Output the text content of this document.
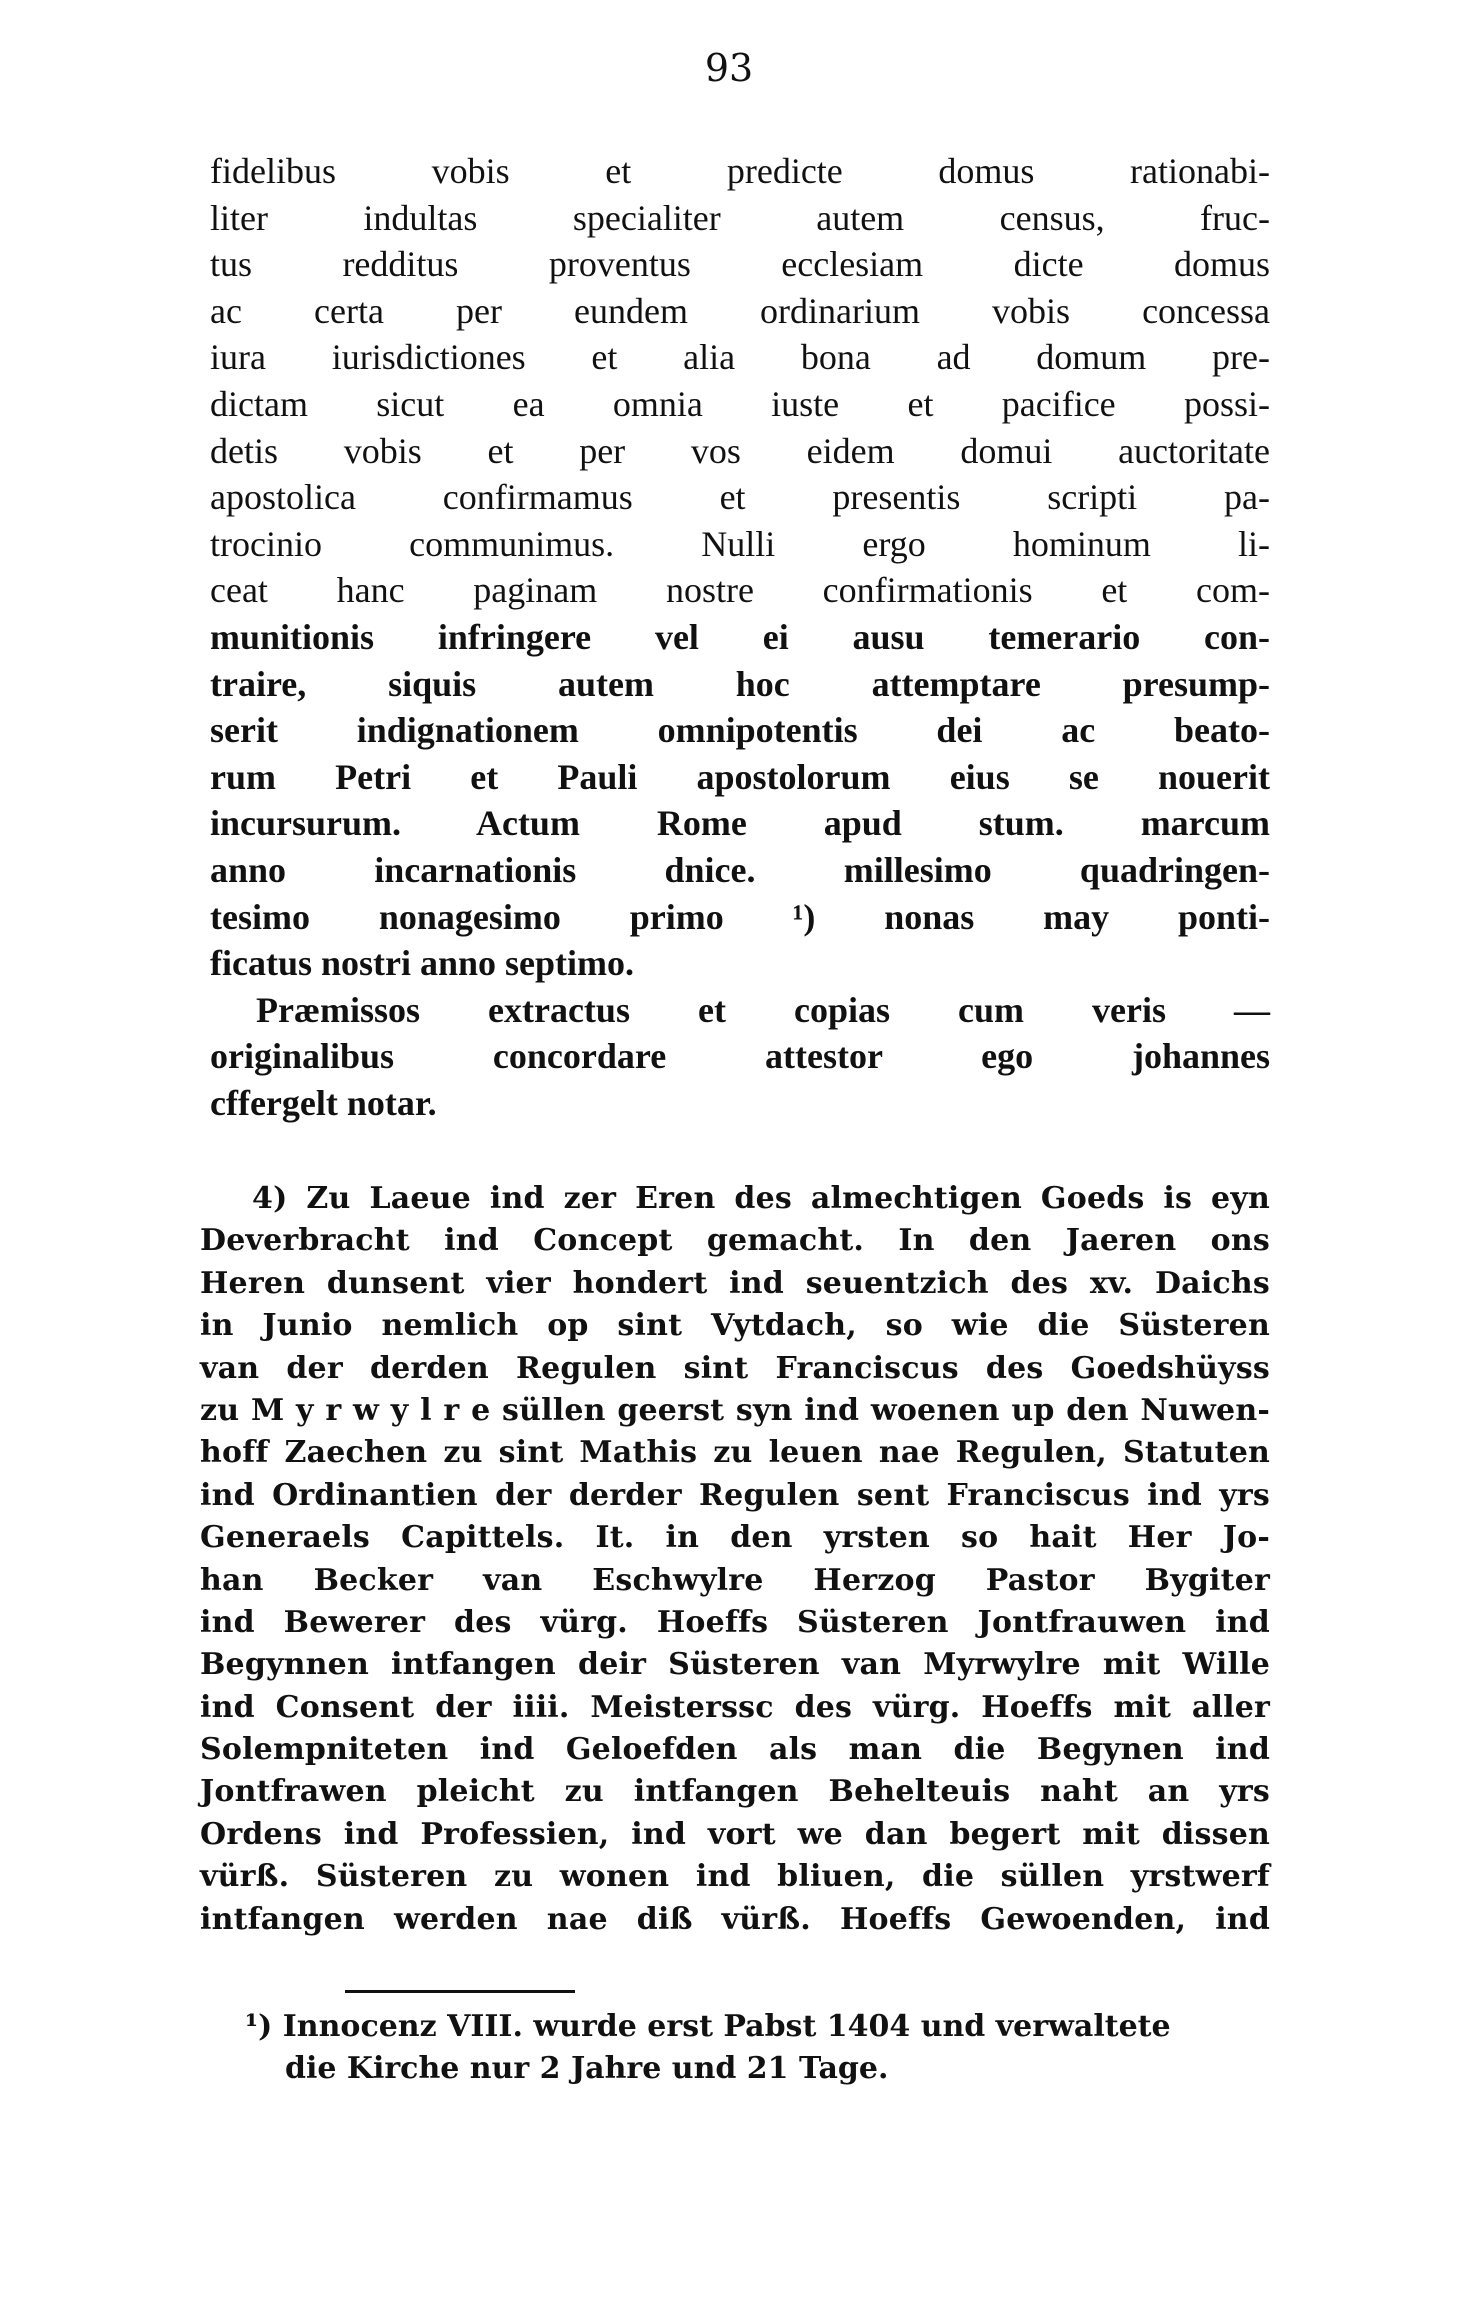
93
fidelibus vobis et predicte domus rationabi-
liter indultas specialiter autem census, fruc-
tus redditus proventus ecclesiam dicte domus
ac certa per eundem ordinarium vobis concessa
iura iurisdictiones et alia bona ad domum pre-
dictam sicut ea omnia iuste et pacifice possi-
detis vobis et per vos eidem domui auctoritate
apostolica confirmamus et presentis scripti pa-
trocinio communimus. Nulli ergo hominum li-
ceat hanc paginam nostre confirmationis et com-
munitionis infringere vel ei ausu temerario con-
traire, siquis autem hoc attemptare presump-
serit indignationem omnipotentis dei ac beato-
rum Petri et Pauli apostolorum eius se nouerit
incursurum. Actum Rome apud stum. marcum
anno incarnationis dnice. millesimo quadringen-
tesimo nonagesimo primo ¹) nonas may ponti-
ficatus nostri anno septimo.
Præmissos extractus et copias cum veris —
originalibus concordare attestor ego johannes
cffergelt notar.
4) Zu Laeue ind zer Eren des almechtigen Goeds is eyn
Deverbracht ind Concept gemacht. In den Jaeren ons
Heren dunsent vier hondert ind seuentzich des xv. Daichs
in Junio nemlich op sint Vytdach, so wie die Süsteren
van der derden Regulen sint Franciscus des Goedshüyss
zu M y r w y l r e süllen geerst syn ind woenen up den Nuwen-
hoff Zaechen zu sint Mathis zu leuen nae Regulen, Statuten
ind Ordinantien der derder Regulen sent Franciscus ind yrs
Generaels Capittels. It. in den yrsten so hait Her Jo-
han Becker van Eschwylre Herzog Pastor Bygiter
ind Bewerer des vürg. Hoeffs Süsteren Jontfrauwen ind
Begynnen intfangen deir Süsteren van Myrwylre mit Wille
ind Consent der iiii. Meisterssc des vürg. Hoeffs mit aller
Solempniteten ind Geloefden als man die Begynen ind
Jontfrawen pleicht zu intfangen Behelteuis naht an yrs
Ordens ind Professien, ind vort we dan begert mit dissen
vürß. Süsteren zu wonen ind bliuen, die süllen yrstwerf
intfangen werden nae diß vürß. Hoeffs Gewoenden, ind
¹) Innocenz VIII. wurde erst Pabst 1404 und verwaltete
die Kirche nur 2 Jahre und 21 Tage.
